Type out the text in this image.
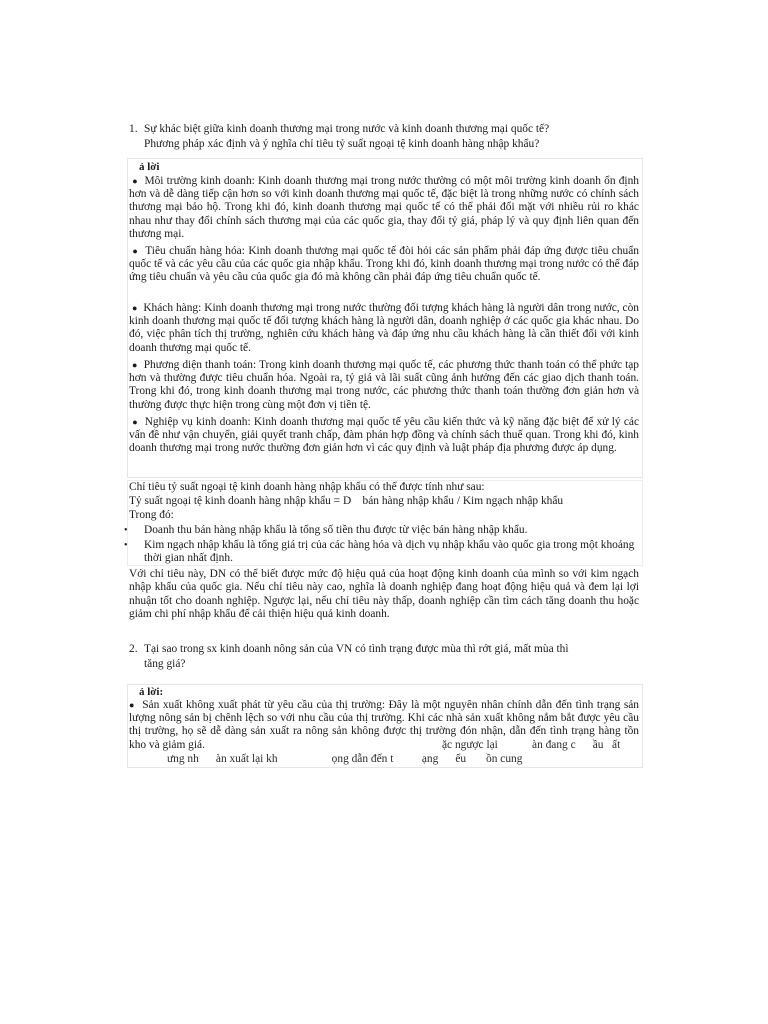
1. Sự khác biệt giữa kinh doanh thương mại trong nước và kinh doanh thương mại quốc tế?
Phương pháp xác định và ý nghĩa chỉ tiêu tỷ suất ngoại tệ kinh doanh hàng nhập khẩu?
ả lời

● Môi trường kinh doanh: Kinh doanh thương mại trong nước thường có một môi trường kinh doanh ổn định hơn và dễ dàng tiếp cận hơn so với kinh doanh thương mại quốc tế, đặc biệt là trong những nước có chính sách thương mại bảo hộ. Trong khi đó, kinh doanh thương mại quốc tế có thể phải đối mặt với nhiều rủi ro khác nhau như thay đổi chính sách thương mại của các quốc gia, thay đổi tỷ giá, pháp lý và quy định liên quan đến thương mại.

● Tiêu chuẩn hàng hóa: Kinh doanh thương mại quốc tế đòi hỏi các sản phẩm phải đáp ứng được tiêu chuẩn quốc tế và các yêu cầu của các quốc gia nhập khẩu. Trong khi đó, kinh doanh thương mại trong nước có thể đáp ứng tiêu chuẩn và yêu cầu của quốc gia đó mà không cần phải đáp ứng tiêu chuẩn quốc tế.

● Khách hàng: Kinh doanh thương mại trong nước thường đối tượng khách hàng là người dân trong nước, còn kinh doanh thương mại quốc tế đối tượng khách hàng là người dân, doanh nghiệp ở các quốc gia khác nhau. Do đó, việc phân tích thị trường, nghiên cứu khách hàng và đáp ứng nhu cầu khách hàng là cần thiết đối với kinh doanh thương mại quốc tế.

● Phương diện thanh toán: Trong kinh doanh thương mại quốc tế, các phương thức thanh toán có thể phức tạp hơn và thường được tiêu chuẩn hóa. Ngoài ra, tỷ giá và lãi suất cũng ảnh hưởng đến các giao dịch thanh toán. Trong khi đó, trong kinh doanh thương mại trong nước, các phương thức thanh toán thường đơn giản hơn và thường được thực hiện trong cùng một đơn vị tiền tệ.

● Nghiệp vụ kinh doanh: Kinh doanh thương mại quốc tế yêu cầu kiến thức và kỹ năng đặc biệt để xử lý các vấn đề như vận chuyển, giải quyết tranh chấp, đàm phán hợp đồng và chính sách thuế quan. Trong khi đó, kinh doanh thương mại trong nước thường đơn giản hơn vì các quy định và luật pháp địa phương được áp dụng.

Chỉ tiêu tỷ suất ngoại tệ kinh doanh hàng nhập khẩu có thể được tính như sau:

Tỷ suất ngoại tệ kinh doanh hàng nhập khẩu = D    bán hàng nhập khẩu / Kim ngạch nhập khẩu

Trong đó:

• Doanh thu bán hàng nhập khẩu là tổng số tiền thu được từ việc bán hàng nhập khẩu.
• Kim ngạch nhập khẩu là tổng giá trị của các hàng hóa và dịch vụ nhập khẩu vào quốc gia trong một khoảng thời gian nhất định.

Với chỉ tiêu này, DN có thể biết được mức độ hiệu quả của hoạt động kinh doanh của mình so với kim ngạch nhập khẩu của quốc gia. Nếu chỉ tiêu này cao, nghĩa là doanh nghiệp đang hoạt động hiệu quả và đem lại lợi nhuận tốt cho doanh nghiệp. Ngược lại, nếu chỉ tiêu này thấp, doanh nghiệp cần tìm cách tăng doanh thu hoặc giảm chi phí nhập khẩu để cải thiện hiệu quả kinh doanh.

2. Tại sao trong sx kinh doanh nông sản của VN có tình trạng được mùa thì rớt giá, mất mùa thì
tăng giá?
ả lời:

● Sản xuất không xuất phát từ yêu cầu của thị trường: Đây là một nguyên nhân chính dẫn đến tình trạng sản lượng nông sản bị chênh lệch so với nhu cầu của thị trường. Khi các nhà sản xuất không nắm bắt được yêu cầu thị trường, họ sẽ dễ dàng sản xuất ra nông sản không được thị trường đón nhận, dẫn đến tình trạng hàng tồn kho và giảm giá.	ặc ngược lại            àn đang c      ầu   ất
ưng nh      àn xuất lại kh                   ọng dẫn đến t          ạng      ểu       ồn cung
